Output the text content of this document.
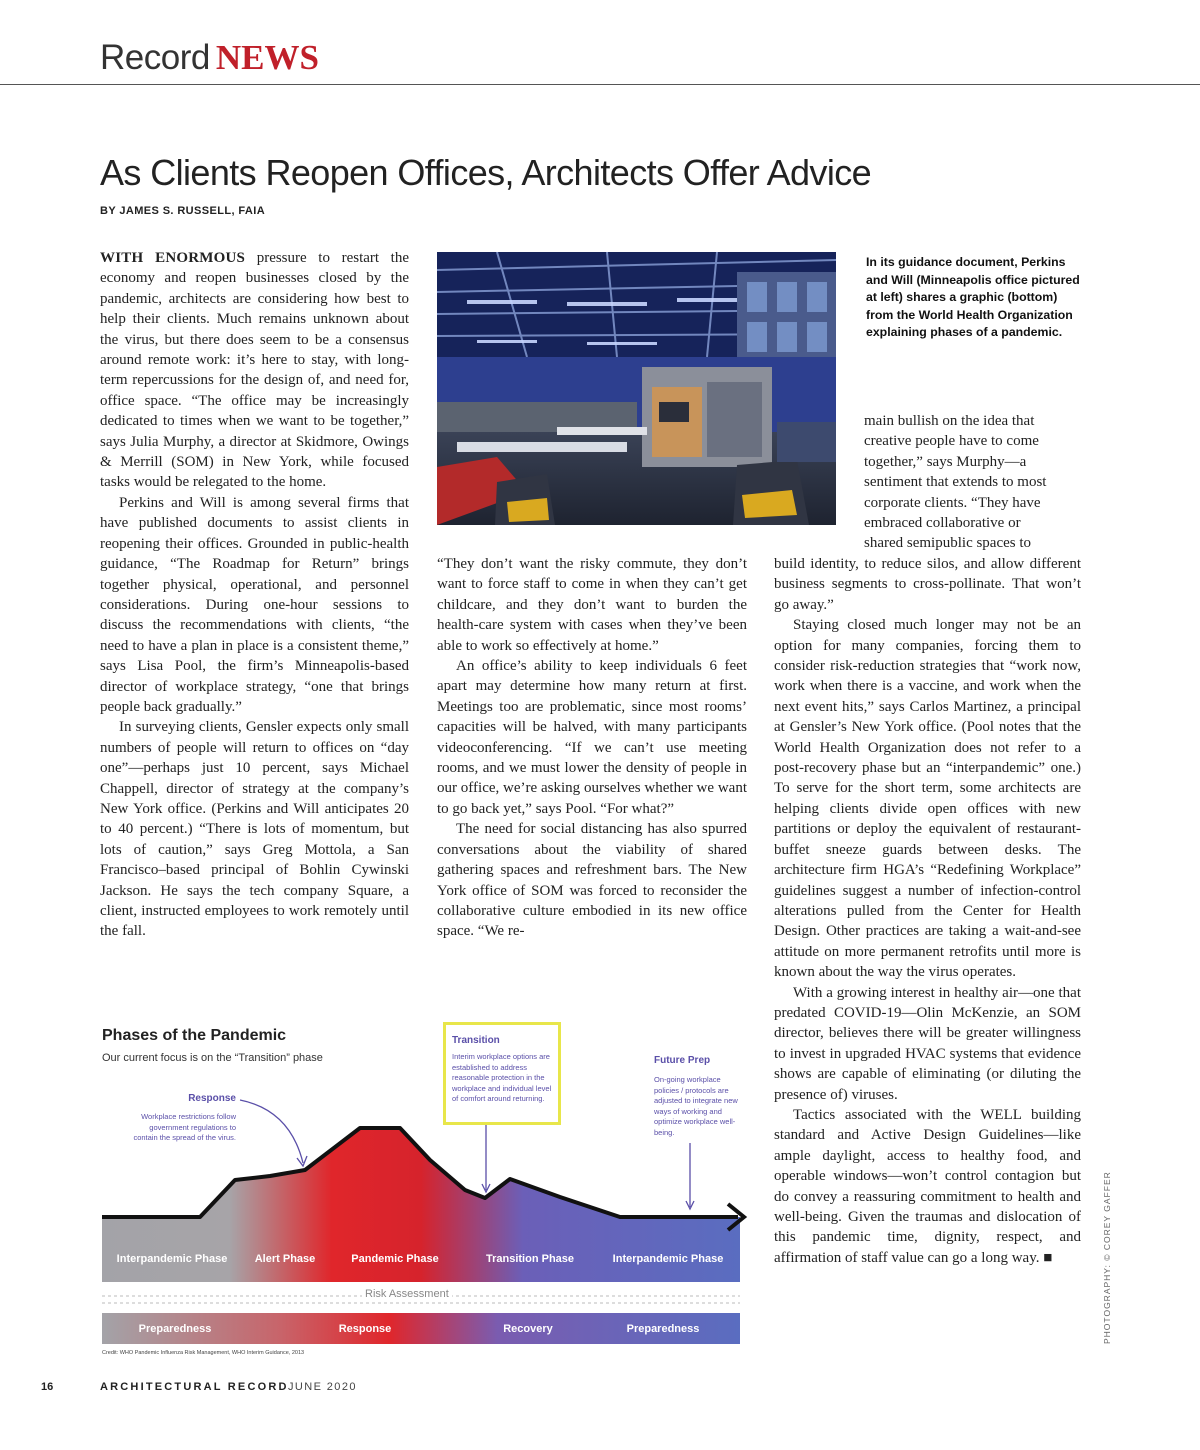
Record NEWS
As Clients Reopen Offices, Architects Offer Advice
BY JAMES S. RUSSELL, FAIA

WITH ENORMOUS pressure to restart the economy and reopen businesses closed by the pandemic, architects are considering how best to help their clients. Much remains unknown about the virus, but there does seem to be a consensus around remote work: it’s here to stay, with long-term repercussions for the design of, and need for, office space. “The office may be increasingly dedicated to times when we want to be together,” says Julia Murphy, a director at Skidmore, Owings & Merrill (SOM) in New York, while focused tasks would be relegated to the home.

Perkins and Will is among several firms that have published documents to assist clients in reopening their offices. Grounded in public-health guidance, “The Roadmap for Return” brings together physical, operational, and personnel considerations. During one-hour sessions to discuss the recommendations with clients, “the need to have a plan in place is a consistent theme,” says Lisa Pool, the firm’s Minneapolis-based director of workplace strategy, “one that brings people back gradually.”

In surveying clients, Gensler expects only small numbers of people will return to offices on “day one”—perhaps just 10 percent, says Michael Chappell, director of strategy at the company’s New York office. (Perkins and Will anticipates 20 to 40 percent.) “There is lots of momentum, but lots of caution,” says Greg Mottola, a San Francisco–based principal of Bohlin Cywinski Jackson. He says the tech company Square, a client, instructed employees to work remotely until the fall.

In its guidance document, Perkins and Will (Minneapolis office pictured at left) shares a graphic (bottom) from the World Health Organization explaining phases of a pandemic.

main bullish on the idea that creative people have to come together,” says Murphy—a sentiment that extends to most corporate clients. “They have embraced collaborative or shared semipublic spaces to

“They don’t want the risky commute, they don’t want to force staff to come in when they can’t get childcare, and they don’t want to burden the health-care system with cases when they’ve been able to work so effectively at home.”

An office’s ability to keep individuals 6 feet apart may determine how many return at first. Meetings too are problematic, since most rooms’ capacities will be halved, with many participants videoconferencing. “If we can’t use meeting rooms, and we must lower the density of people in our office, we’re asking ourselves whether we want to go back yet,” says Pool. “For what?”

The need for social distancing has also spurred conversations about the viability of shared gathering spaces and refreshment bars. The New York office of SOM was forced to reconsider the collaborative culture embodied in its new office space. “We re-

build identity, to reduce silos, and allow different business segments to cross-pollinate. That won’t go away.”

Staying closed much longer may not be an option for many companies, forcing them to consider risk-reduction strategies that “work now, work when there is a vaccine, and work when the next event hits,” says Carlos Martinez, a principal at Gensler’s New York office. (Pool notes that the World Health Organization does not refer to a post-recovery phase but an “interpandemic” one.) To serve for the short term, some architects are helping clients divide open offices with new partitions or deploy the equivalent of restaurant-buffet sneeze guards between desks. The architecture firm HGA’s “Redefining Workplace” guidelines suggest a number of infection-control alterations pulled from the Center for Health Design. Other practices are taking a wait-and-see attitude on more permanent retrofits until more is known about the way the virus operates.

With a growing interest in healthy air—one that predated COVID-19—Olin McKenzie, an SOM director, believes there will be greater willingness to invest in upgraded HVAC systems that evidence shows are capable of eliminating (or diluting the presence of) viruses.

Tactics associated with the WELL building standard and Active Design Guidelines—like ample daylight, access to healthy food, and operable windows—won’t control contagion but do convey a reassuring commitment to health and well-being. Given the traumas and dislocation of this pandemic time, dignity, respect, and affirmation of staff value can go a long way. ■	PHOTOGRAPHY: © COREY GAFFER
Phases of the Pandemic
Our current focus is on the “Transition” phase
Response
Workplace restrictions follow government regulations to contain the spread of the virus.
Transition
Interim workplace options are established to address reasonable protection in the workplace and individual level of comfort around returning.
Future Prep
On-going workplace policies / protocols are adjusted to integrate new ways of working and optimize workplace well-being.
Interpandemic Phase	Alert Phase	Pandemic Phase	Transition Phase	Interpandemic Phase
Risk Assessment
Preparedness	Response	Recovery	Preparedness
Credit: WHO Pandemic Influenza Risk Management, WHO Interim Guidance, 2013
16	ARCHITECTURAL RECORD JUNE 2020
